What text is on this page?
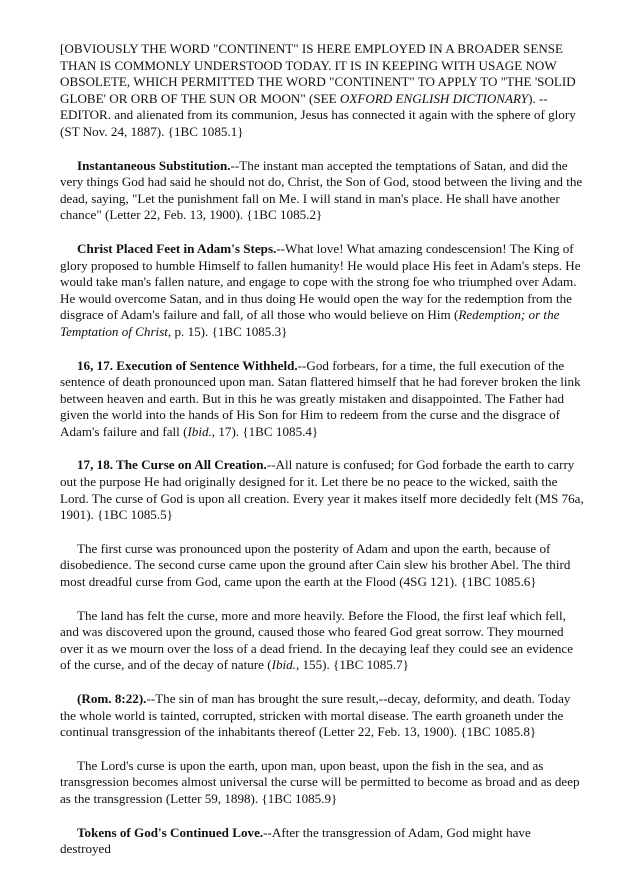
[OBVIOUSLY THE WORD "CONTINENT" IS HERE EMPLOYED IN A BROADER SENSE THAN IS COMMONLY UNDERSTOOD TODAY. IT IS IN KEEPING WITH USAGE NOW OBSOLETE, WHICH PERMITTED THE WORD "CONTINENT" TO APPLY TO "THE 'SOLID GLOBE' OR ORB OF THE SUN OR MOON" (SEE OXFORD ENGLISH DICTIONARY). --EDITOR. and alienated from its communion, Jesus has connected it again with the sphere of glory (ST Nov. 24, 1887). {1BC 1085.1}

Instantaneous Substitution.--The instant man accepted the temptations of Satan, and did the very things God had said he should not do, Christ, the Son of God, stood between the living and the dead, saying, "Let the punishment fall on Me. I will stand in man's place. He shall have another chance" (Letter 22, Feb. 13, 1900). {1BC 1085.2}

Christ Placed Feet in Adam's Steps.--What love! What amazing condescension! The King of glory proposed to humble Himself to fallen humanity! He would place His feet in Adam's steps. He would take man's fallen nature, and engage to cope with the strong foe who triumphed over Adam. He would overcome Satan, and in thus doing He would open the way for the redemption from the disgrace of Adam's failure and fall, of all those who would believe on Him (Redemption; or the Temptation of Christ, p. 15). {1BC 1085.3}

16, 17. Execution of Sentence Withheld.--God forbears, for a time, the full execution of the sentence of death pronounced upon man. Satan flattered himself that he had forever broken the link between heaven and earth. But in this he was greatly mistaken and disappointed. The Father had given the world into the hands of His Son for Him to redeem from the curse and the disgrace of Adam's failure and fall (Ibid., 17). {1BC 1085.4}

17, 18. The Curse on All Creation.--All nature is confused; for God forbade the earth to carry out the purpose He had originally designed for it. Let there be no peace to the wicked, saith the Lord. The curse of God is upon all creation. Every year it makes itself more decidedly felt (MS 76a, 1901). {1BC 1085.5}

The first curse was pronounced upon the posterity of Adam and upon the earth, because of disobedience. The second curse came upon the ground after Cain slew his brother Abel. The third most dreadful curse from God, came upon the earth at the Flood (4SG 121). {1BC 1085.6}

The land has felt the curse, more and more heavily. Before the Flood, the first leaf which fell, and was discovered upon the ground, caused those who feared God great sorrow. They mourned over it as we mourn over the loss of a dead friend. In the decaying leaf they could see an evidence of the curse, and of the decay of nature (Ibid., 155). {1BC 1085.7}

(Rom. 8:22).--The sin of man has brought the sure result,--decay, deformity, and death. Today the whole world is tainted, corrupted, stricken with mortal disease. The earth groaneth under the continual transgression of the inhabitants thereof (Letter 22, Feb. 13, 1900). {1BC 1085.8}

The Lord's curse is upon the earth, upon man, upon beast, upon the fish in the sea, and as transgression becomes almost universal the curse will be permitted to become as broad and as deep as the transgression (Letter 59, 1898). {1BC 1085.9}

Tokens of God's Continued Love.--After the transgression of Adam, God might have destroyed
